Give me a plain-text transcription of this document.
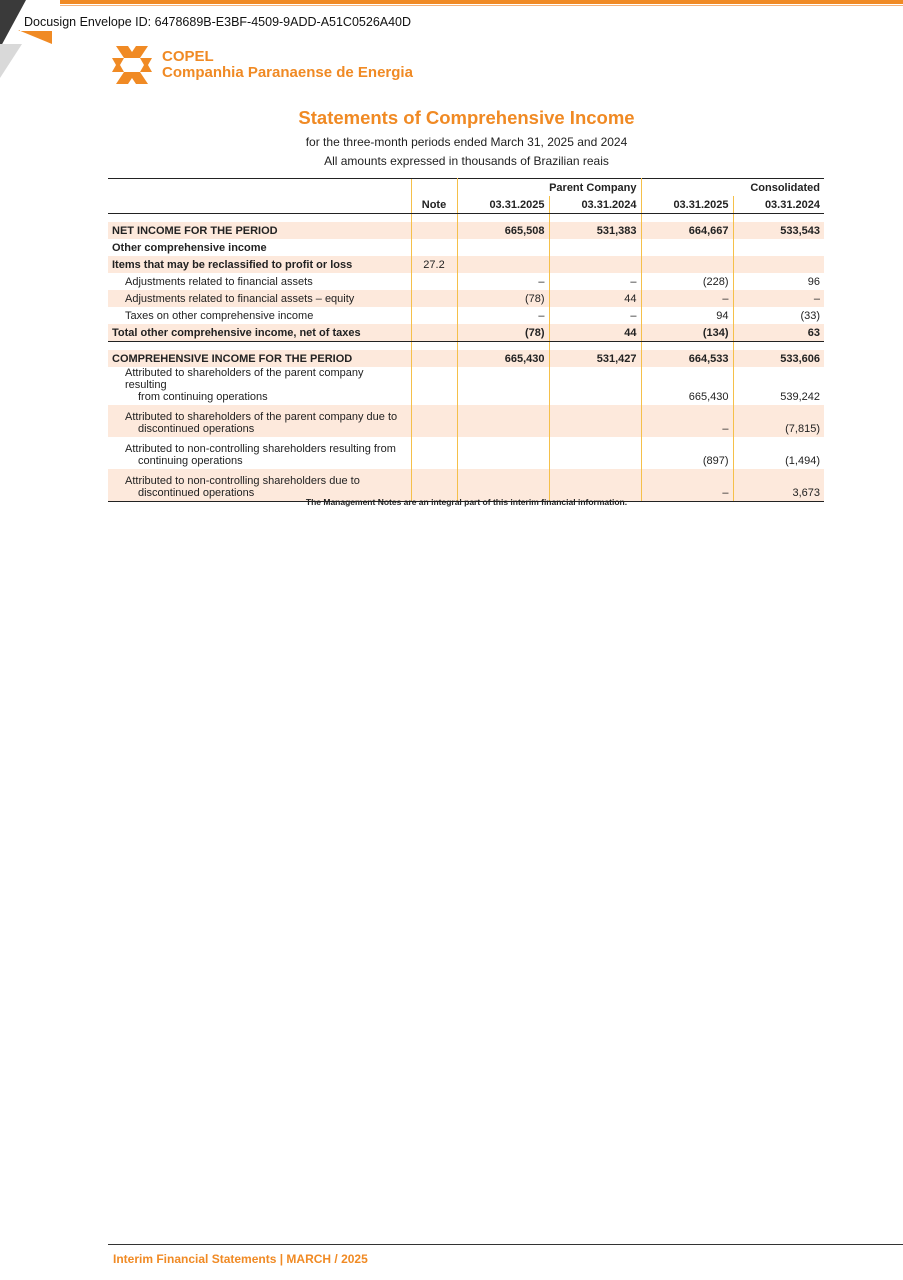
Docusign Envelope ID: 6478689B-E3BF-4509-9ADD-A51C0526A40D
COPEL
Companhia Paranaense de Energia
Statements of Comprehensive Income
for the three-month periods ended March 31, 2025 and 2024
All amounts expressed in thousands of Brazilian reais
		Parent Company		Consolidated	
	Note	03.31.2025	03.31.2024	03.31.2025	03.31.2024

NET INCOME FOR THE PERIOD		665,508	531,383	664,667	533,543
Other comprehensive income					
Items that may be reclassified to profit or loss	27.2				
Adjustments related to financial assets		–	–	(228)	96
Adjustments related to financial assets – equity		(78)	44	–	–
Taxes on other comprehensive income		–	–	94	(33)
Total other comprehensive income, net of taxes		(78)	44	(134)	63

COMPREHENSIVE INCOME FOR THE PERIOD		665,430	531,427	664,533	533,606
Attributed to shareholders of the parent company resulting
from continuing operations				665,430	539,242
Attributed to shareholders of the parent company due to
discontinued operations				–	(7,815)
Attributed to non-controlling shareholders resulting from
continuing operations				(897)	(1,494)
Attributed to non-controlling shareholders due to
discontinued operations				–	3,673
The Management Notes are an integral part of this interim financial information.
Interim Financial Statements | MARCH / 2025
